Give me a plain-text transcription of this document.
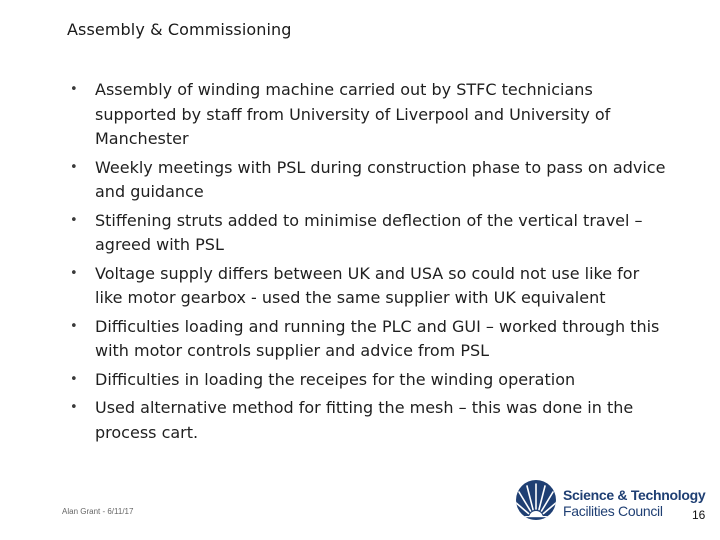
Assembly & Commissioning
• Assembly of winding machine carried out by STFC technicians supported by staff from University of Liverpool and University of Manchester
• Weekly meetings with PSL during construction phase to pass on advice and guidance
• Stiffening struts added to minimise deflection of the vertical travel – agreed with PSL
• Voltage supply differs between UK and USA so could not use like for like motor gearbox - used the same supplier with UK equivalent
• Difficulties loading and running the PLC and GUI – worked through this with motor controls supplier and advice from PSL
• Difficulties in loading the receipes for the winding operation
• Used alternative method for fitting the mesh – this was done in the process cart.
Alan Grant - 6/11/17
Science & Technology
Facilities Council 16
